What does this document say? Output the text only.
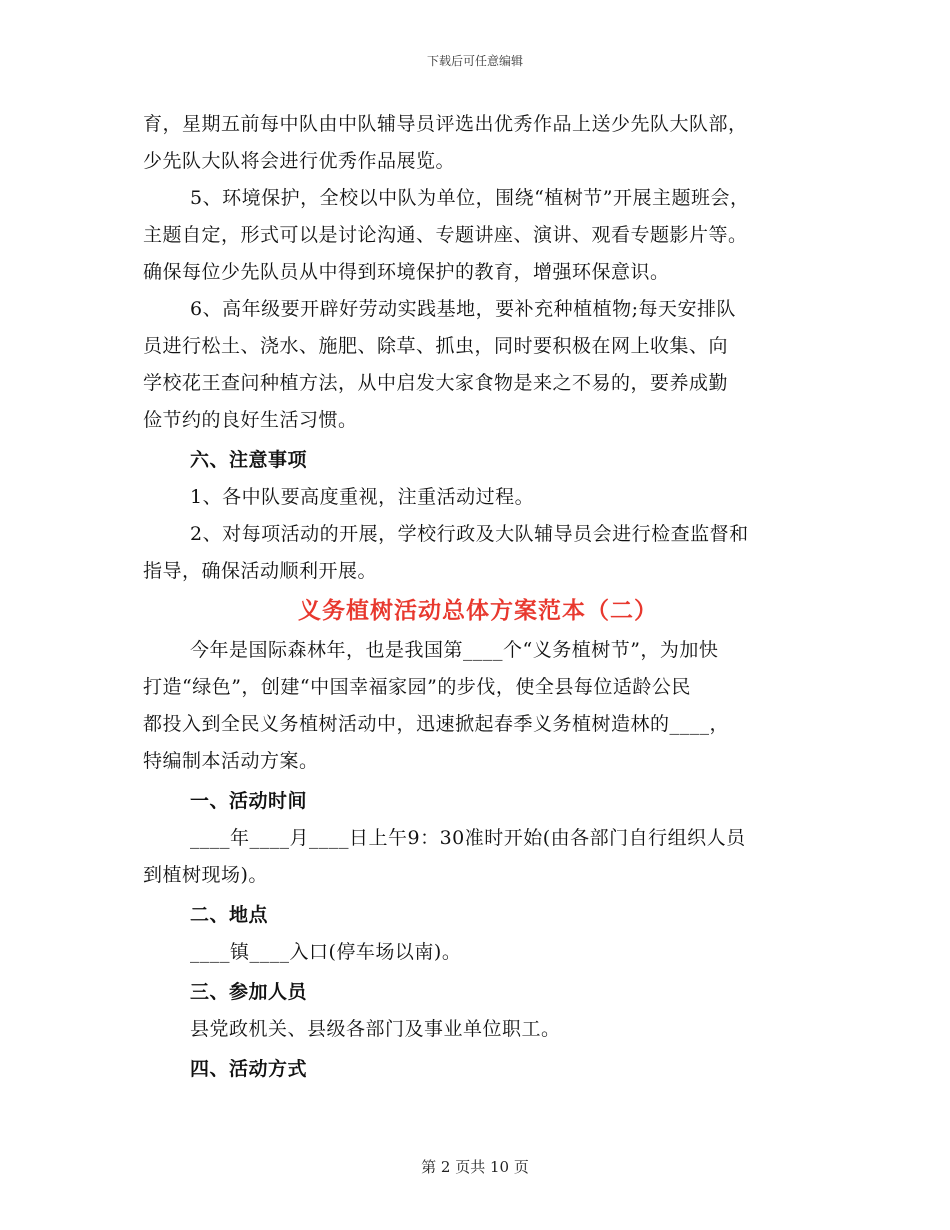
下载后可任意编辑
育，星期五前每中队由中队辅导员评选出优秀作品上送少先队大队部，
少先队大队将会进行优秀作品展览。
5、环境保护，全校以中队为单位，围绕“植树节”开展主题班会，
主题自定，形式可以是讨论沟通、专题讲座、演讲、观看专题影片等。
确保每位少先队员从中得到环境保护的教育，增强环保意识。
6、高年级要开辟好劳动实践基地，要补充种植植物;每天安排队
员进行松土、浇水、施肥、除草、抓虫，同时要积极在网上收集、向
学校花王查问种植方法，从中启发大家食物是来之不易的，要养成勤
俭节约的良好生活习惯。
六、注意事项
1、各中队要高度重视，注重活动过程。
2、对每项活动的开展，学校行政及大队辅导员会进行检查监督和
指导，确保活动顺利开展。
义务植树活动总体方案范本（二）
今年是国际森林年，也是我国第____个“义务植树节”，为加快
打造“绿色”，创建“中国幸福家园”的步伐，使全县每位适龄公民
都投入到全民义务植树活动中，迅速掀起春季义务植树造林的____，
特编制本活动方案。
一、活动时间
____年____月____日上午9：30准时开始(由各部门自行组织人员
到植树现场)。
二、地点
____镇____入口(停车场以南)。
三、参加人员
县党政机关、县级各部门及事业单位职工。
四、活动方式
第 2 页共 10 页
